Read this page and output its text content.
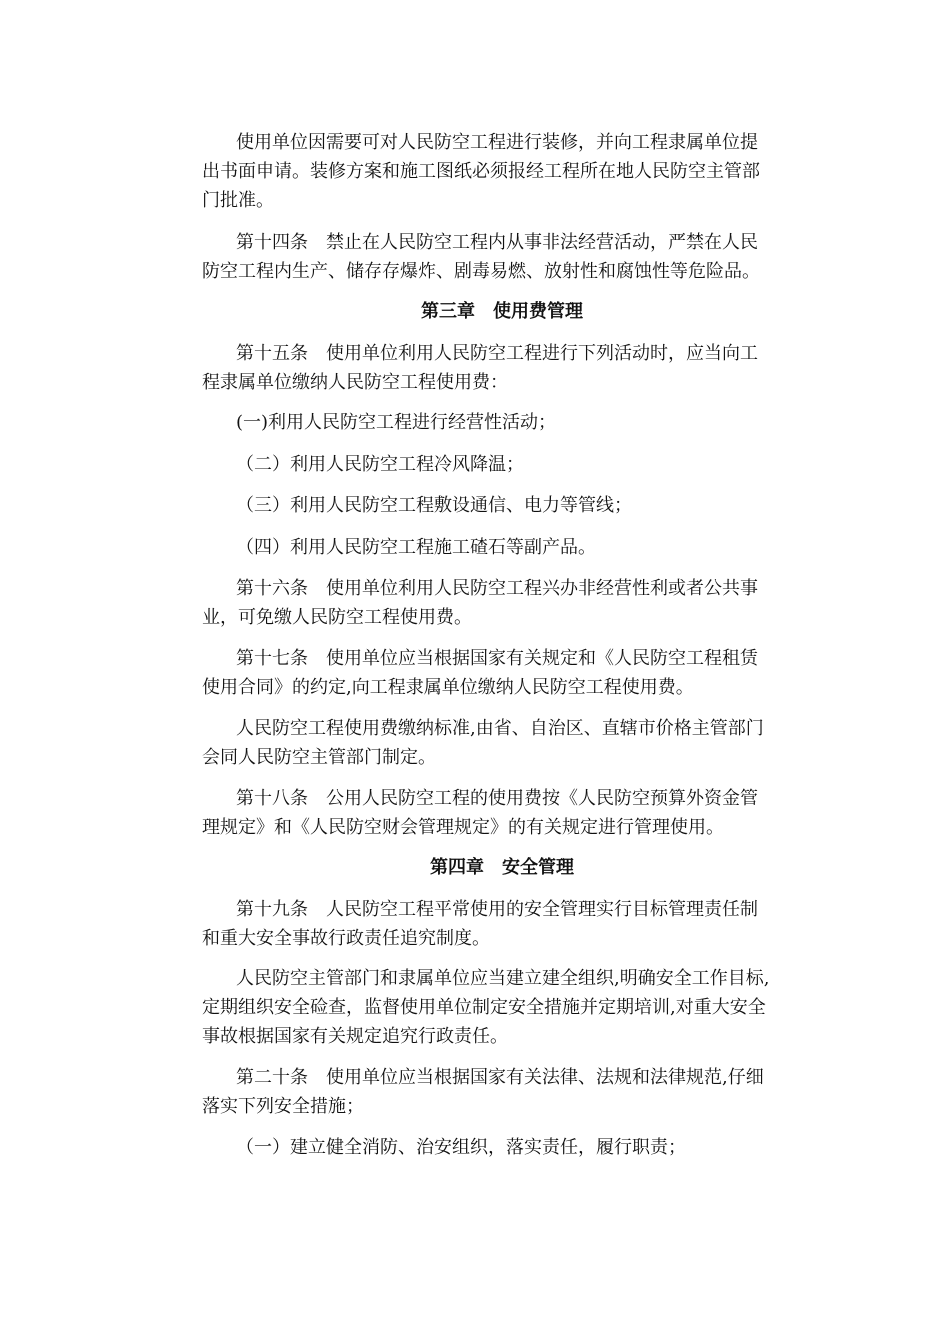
使用单位因需要可对人民防空工程进行装修，并向工程隶属单位提
出书面申请。装修方案和施工图纸必须报经工程所在地人民防空主管部
门批准。
第十四条　禁止在人民防空工程内从事非法经营活动，严禁在人民
防空工程内生产、储存存爆炸、剧毒易燃、放射性和腐蚀性等危险品。
第三章　使用费管理
第十五条　使用单位利用人民防空工程进行下列活动时，应当向工
程隶属单位缴纳人民防空工程使用费：
(一)利用人民防空工程进行经营性活动；
（二）利用人民防空工程冷风降温；
（三）利用人民防空工程敷设通信、电力等管线；
（四）利用人民防空工程施工碴石等副产品。
第十六条　使用单位利用人民防空工程兴办非经营性利或者公共事
业，可免缴人民防空工程使用费。
第十七条　使用单位应当根据国家有关规定和《人民防空工程租赁
使用合同》的约定,向工程隶属单位缴纳人民防空工程使用费。
人民防空工程使用费缴纳标准,由省、自治区、直辖市价格主管部门
会同人民防空主管部门制定。
第十八条　公用人民防空工程的使用费按《人民防空预算外资金管
理规定》和《人民防空财会管理规定》的有关规定进行管理使用。
第四章　安全管理
第十九条　人民防空工程平常使用的安全管理实行目标管理责任制
和重大安全事故行政责任追究制度。
人民防空主管部门和隶属单位应当建立建全组织,明确安全工作目标,
定期组织安全硷查，监督使用单位制定安全措施并定期培训,对重大安全
事故根据国家有关规定追究行政责任。
第二十条　使用单位应当根据国家有关法律、法规和法律规范,仔细
落实下列安全措施；
（一）建立健全消防、治安组织，落实责任，履行职责；
